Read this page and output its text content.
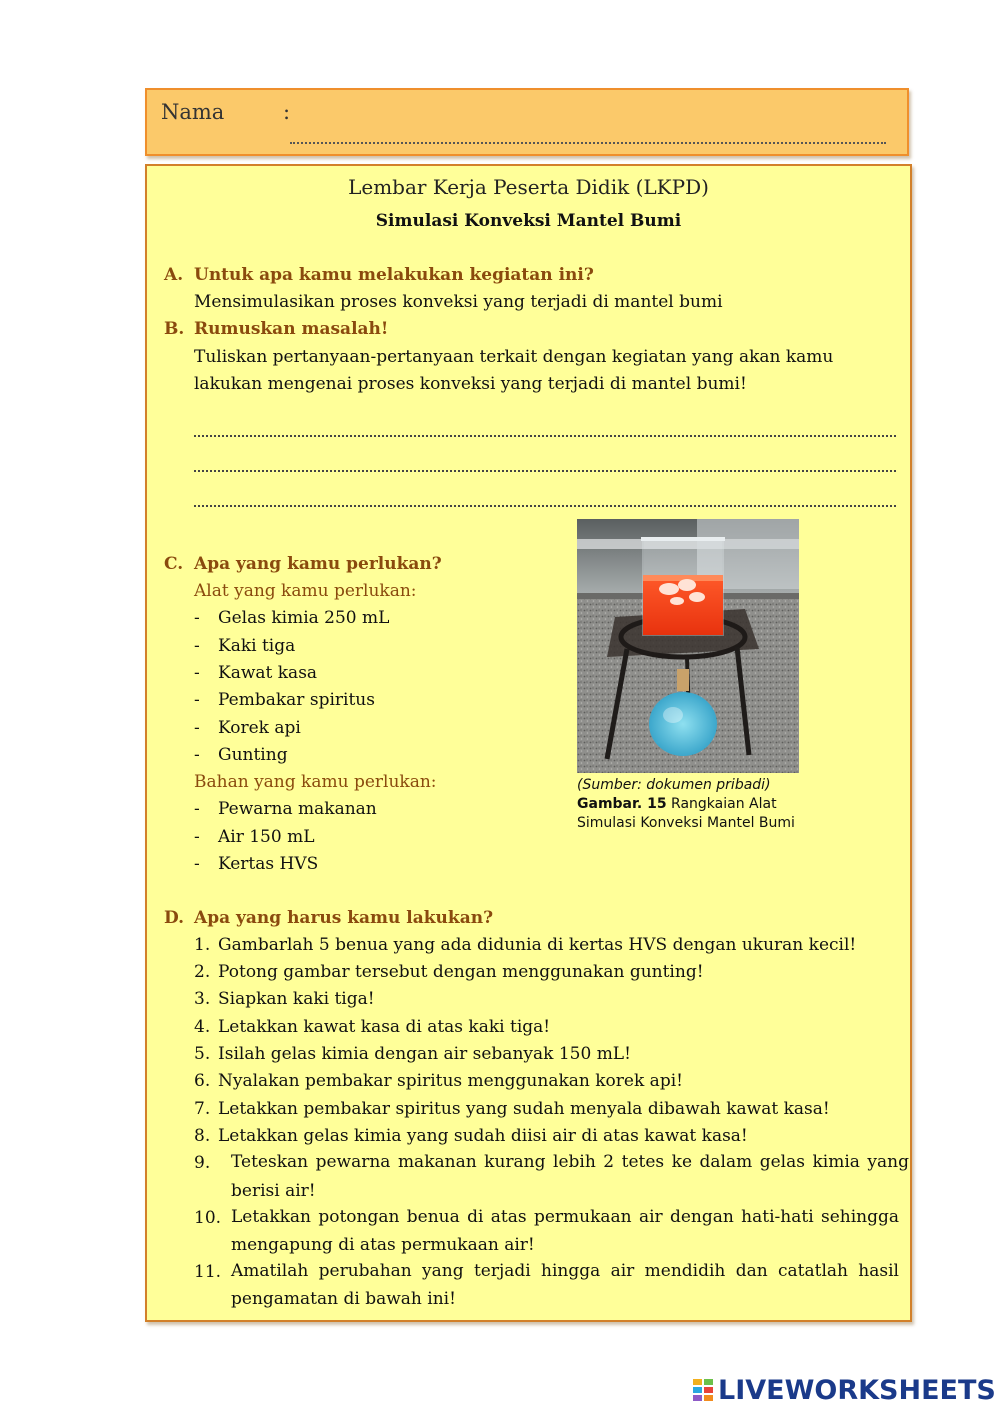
Nama	:
Lembar Kerja Peserta Didik (LKPD)
Simulasi Konveksi Mantel Bumi
A. Untuk apa kamu melakukan kegiatan ini?
Mensimulasikan proses konveksi yang terjadi di mantel bumi
B. Rumuskan masalah!
Tuliskan pertanyaan-pertanyaan terkait dengan kegiatan yang akan kamu
lakukan mengenai proses konveksi yang terjadi di mantel bumi!
C. Apa yang kamu perlukan?
Alat yang kamu perlukan:
- Gelas kimia 250 mL
- Kaki tiga
- Kawat kasa
- Pembakar spiritus
- Korek api
- Gunting
Bahan yang kamu perlukan:
- Pewarna makanan
- Air 150 mL
- Kertas HVS
(Sumber: dokumen pribadi)
Gambar. 15 Rangkaian Alat
Simulasi Konveksi Mantel Bumi
D. Apa yang harus kamu lakukan?
1. Gambarlah 5 benua yang ada didunia di kertas HVS dengan ukuran kecil!
2. Potong gambar tersebut dengan menggunakan gunting!
3. Siapkan kaki tiga!
4. Letakkan kawat kasa di atas kaki tiga!
5. Isilah gelas kimia dengan air sebanyak 150 mL!
6. Nyalakan pembakar spiritus menggunakan korek api!
7. Letakkan pembakar spiritus yang sudah menyala dibawah kawat kasa!
8. Letakkan gelas kimia yang sudah diisi air di atas kawat kasa!
9. Teteskan pewarna makanan kurang lebih 2 tetes ke dalam gelas kimia yang
berisi air!
10. Letakkan potongan benua di atas permukaan air dengan hati-hati sehingga
mengapung di atas permukaan air!
11. Amatilah perubahan yang terjadi hingga air mendidih dan catatlah hasil
pengamatan di bawah ini!
LIVEWORKSHEETS
